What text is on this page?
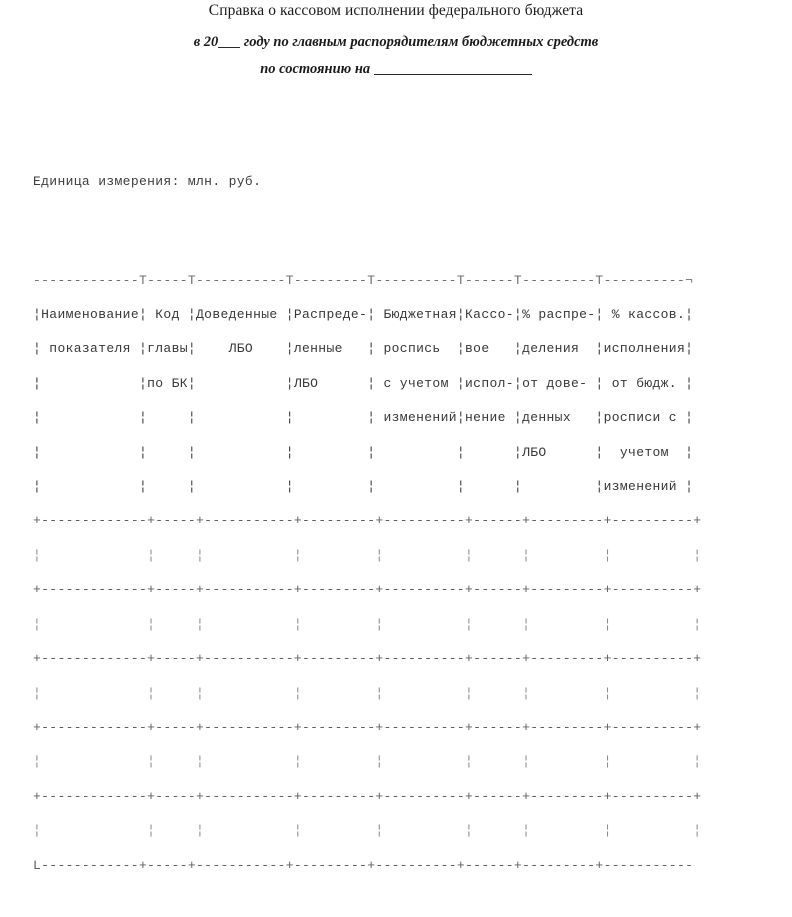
Справка о кассовом исполнении федерального бюджета
в 20 году по главным распорядителям бюджетных средств
по состоянию на

Единица измерения: млн. руб.

-------------T-----T-----------T---------T----------T------T---------T----------¬
¦Наименование¦ Код ¦Доведенные ¦Распреде-¦ Бюджетная¦Кассо-¦% распре-¦ % кассов.¦
¦ показателя ¦главы¦    ЛБО    ¦ленные   ¦ роспись  ¦вое   ¦деления  ¦исполнения¦
¦            ¦по БК¦           ¦ЛБО      ¦ с учетом ¦испол-¦от дове- ¦ от бюдж. ¦
¦            ¦     ¦           ¦         ¦ изменений¦нение ¦денных   ¦росписи с ¦
¦            ¦     ¦           ¦         ¦          ¦      ¦ЛБО      ¦  учетом  ¦
¦            ¦     ¦           ¦         ¦          ¦      ¦         ¦изменений ¦
+-------------+-----+-----------+---------+----------+------+---------+----------+
¦             ¦     ¦           ¦         ¦          ¦      ¦         ¦          ¦
+-------------+-----+-----------+---------+----------+------+---------+----------+
¦             ¦     ¦           ¦         ¦          ¦      ¦         ¦          ¦
+-------------+-----+-----------+---------+----------+------+---------+----------+
¦             ¦     ¦           ¦         ¦          ¦      ¦         ¦          ¦
+-------------+-----+-----------+---------+----------+------+---------+----------+
¦             ¦     ¦           ¦         ¦          ¦      ¦         ¦          ¦
+-------------+-----+-----------+---------+----------+------+---------+----------+
¦             ¦     ¦           ¦         ¦          ¦      ¦         ¦          ¦
L------------+-----+-----------+---------+----------+------+---------+-----------
